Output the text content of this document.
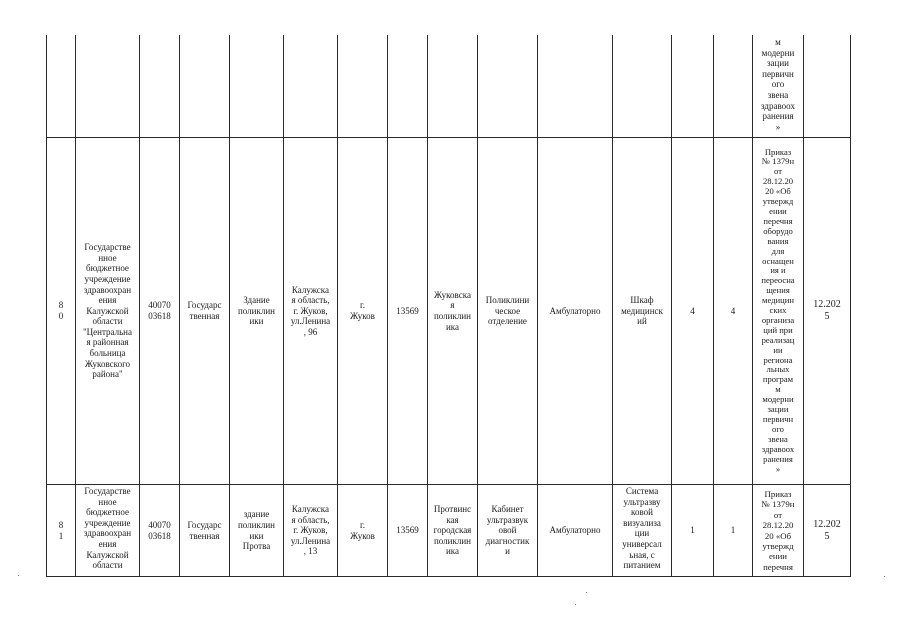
м
модерни
зации
первичн
ого
звена
здравоох
ранения
»
8
0
Государстве
нное
бюджетное
учреждение
здравоохран
ения
Калужской
области
"Центральна
я районная
больница
Жуковского
района"
40070
03618
Государс
твенная
Здание
поликлин
ики
Калужска
я область,
г. Жуков,
ул.Ленина
, 96
г.
Жуков
13569
Жуковска
я
поликлин
ика
Поликлини
ческое
отделение
Амбулаторно
Шкаф
медицинск
ий
4	4
Приказ
№ 1379н
от
28.12.20
20 «Об
утвержд
ении
перечня
оборудо
вания
для
оснащен
ия и
переосна
щения
медицин
ских
организа
ций при
реализац
ии
региона
льных
програм
м
модерни
зации
первичн
ого
звена
здравоох
ранения
»
12.202
5
8
1
Государстве
нное
бюджетное
учреждение
здравоохран
ения
Калужской
области
40070
03618
Государс
твенная
здание
поликлин
ики
Протва
Калужска
я область,
г. Жуков,
ул.Ленина
, 13
г.
Жуков
13569
Протвинс
кая
городская
поликлин
ика
Кабинет
ультразвук
овой
диагностик
и
Амбулаторно
Система
ультразву
ковой
визуализа
ции
универсал
ьная, с
питанием
1	1
Приказ
№ 1379н
от
28.12.20
20 «Об
утвержд
ении
перечня
12.202
5
